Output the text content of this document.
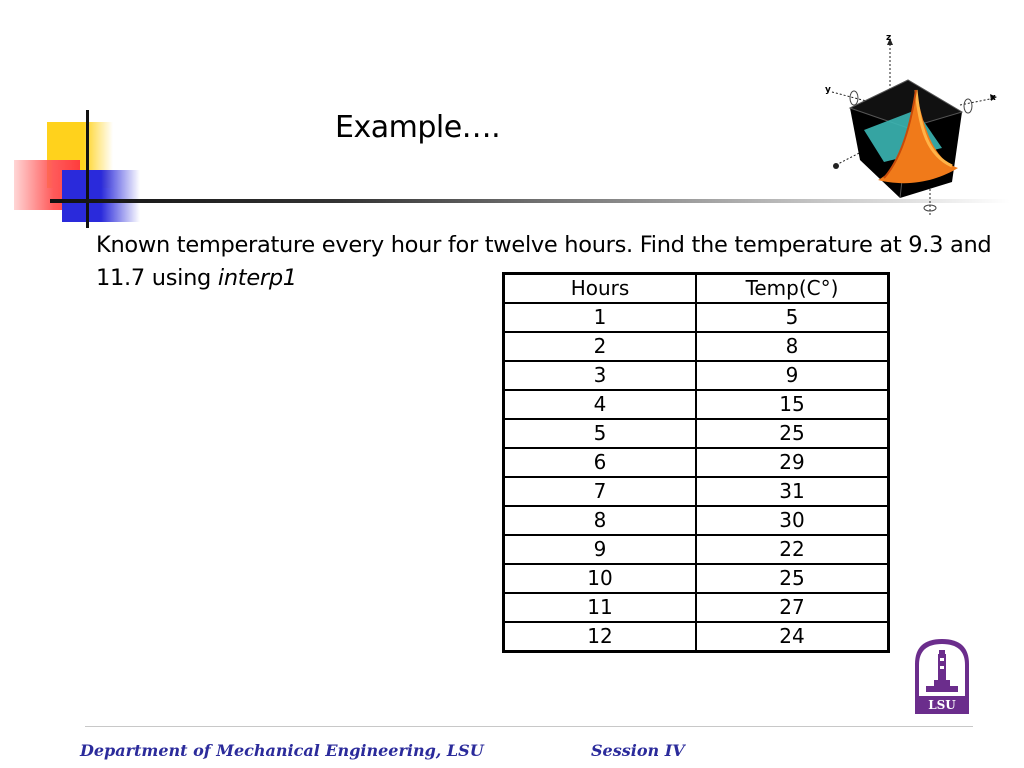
Example….
Known temperature every hour for twelve hours. Find the temperature at 9.3 and 11.7 using interp1	Hours	Temp(C°)
1	5
2	8
3	9
4	15
5	25
6	29
7	31
8	30
9	22
10	25
11	27
12	24
z
y
x
LSU
Department of Mechanical Engineering, LSU	Session IV
